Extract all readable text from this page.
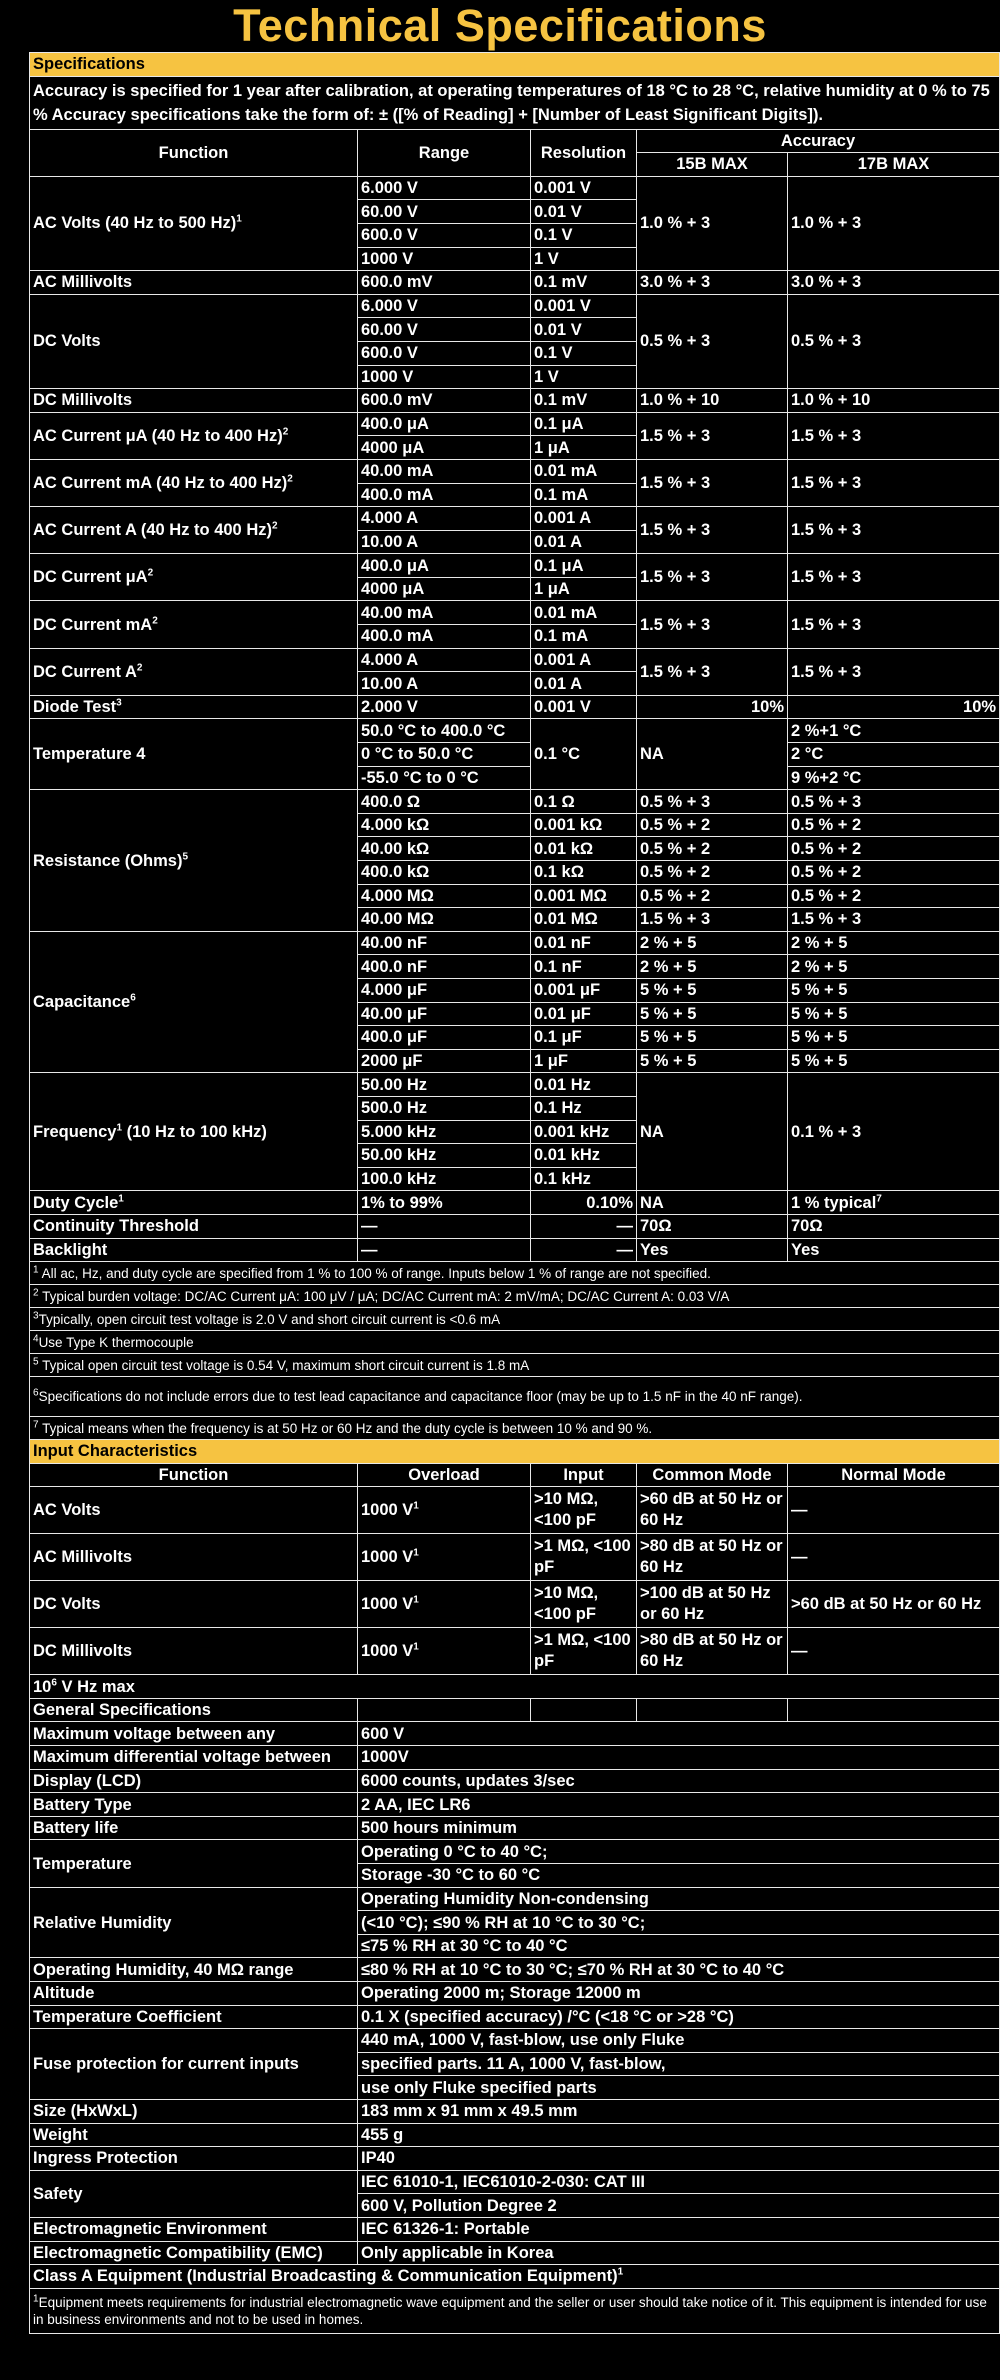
Technical Specifications
Specifications				
Accuracy is specified for 1 year after calibration, at operating temperatures of 18 °C to 28 °C, relative humidity at 0 % to 75 % Accuracy specifications take the form of: ± ([% of Reading] + [Number of Least Significant Digits]).				
Function	Range	Resolution	Accuracy	
			15B MAX	17B MAX
AC Volts (40 Hz to 500 Hz)$^1$	6.000 V	0.001 V	1.0 % + 3	1.0 % + 3
	60.00 V	0.01 V		
	600.0 V	0.1 V		
	1000 V	1 V		
AC Millivolts	600.0 mV	0.1 mV	3.0 % + 3	3.0 % + 3
DC Volts	6.000 V	0.001 V	0.5 % + 3	0.5 % + 3
	60.00 V	0.01 V		
	600.0 V	0.1 V		
	1000 V	1 V		
DC Millivolts	600.0 mV	0.1 mV	1.0 % + 10	1.0 % + 10
AC Current μA (40 Hz to 400 Hz)$^2$	400.0 μA	0.1 μA	1.5 % + 3	1.5 % + 3
	4000 μA	1 μA		
AC Current mA (40 Hz to 400 Hz)$^2$	40.00 mA	0.01 mA	1.5 % + 3	1.5 % + 3
	400.0 mA	0.1 mA		
AC Current A (40 Hz to 400 Hz)$^2$	4.000 A	0.001 A	1.5 % + 3	1.5 % + 3
	10.00 A	0.01 A		
DC Current $\mu A^2$	400.0 μA	0.1 μA	1.5 % + 3	1.5 % + 3
	4000 μA	1 μA		
DC Current $mA^2$	40.00 mA	0.01 mA	1.5 % + 3	1.5 % + 3
	400.0 mA	0.1 mA		
DC Current $A^2$	4.000 A	0.001 A	1.5 % + 3	1.5 % + 3
	10.00 A	0.01 A		
Diode Test$^3$	2.000 V	0.001 V	10%	10%
Temperature 4	50.0 °C to 400.0 °C	0.1 °C	NA	2 %+1 °C
	0 °C to 50.0 °C			2 °C
	-55.0 °C to 0 °C			9 %+2 °C
Resistance (Ohms)$^5$	400.0 Ω	0.1 Ω	0.5 % + 3	0.5 % + 3
	4.000 kΩ	0.001 kΩ	0.5 % + 2	0.5 % + 2
	40.00 kΩ	0.01 kΩ	0.5 % + 2	0.5 % + 2
	400.0 kΩ	0.1 kΩ	0.5 % + 2	0.5 % + 2
	4.000 MΩ	0.001 MΩ	0.5 % + 2	0.5 % + 2
	40.00 MΩ	0.01 MΩ	1.5 % + 3	1.5 % + 3
Capacitance$^6$	40.00 nF	0.01 nF	2 % + 5	2 % + 5
	400.0 nF	0.1 nF	2 % + 5	2 % + 5
	4.000 μF	0.001 μF	5 % + 5	5 % + 5
	40.00 μF	0.01 μF	5 % + 5	5 % + 5
	400.0 μF	0.1 μF	5 % + 5	5 % + 5
	2000 μF	1 μF	5 % + 5	5 % + 5
Frequency$^1$ (10 Hz to 100 kHz)	50.00 Hz	0.01 Hz	NA	0.1 % + 3
	500.0 Hz	0.1 Hz		
	5.000 kHz	0.001 kHz		
	50.00 kHz	0.01 kHz		
	100.0 kHz	0.1 kHz		
Duty Cycle$^1$	1% to 99%	0.10%	NA	1 % typical$^7$
Continuity Threshold	—	—	70Ω	70Ω
Backlight	—	—	Yes	Yes
$^1$ All ac, Hz, and duty cycle are specified from 1 % to 100 % of range. Inputs below 1 % of range are not specified.				
$^2$ Typical burden voltage: DC/AC Current μA: 100 μV / μA; DC/AC Current mA: 2 mV/mA; DC/AC Current A: 0.03 V/A				
$^3$Typically, open circuit test voltage is 2.0 V and short circuit current is <0.6 mA				
$^4$Use Type K thermocouple				
$^5$ Typical open circuit test voltage is 0.54 V, maximum short circuit current is 1.8 mA				
$^6$Specifications do not include errors due to test lead capacitance and capacitance floor (may be up to 1.5 nF in the 40 nF range).				
$^7$ Typical means when the frequency is at 50 Hz or 60 Hz and the duty cycle is between 10 % and 90 %.				
Input Characteristics				
Function	Overload	Input	Common Mode	Normal Mode
AC Volts	1000 $V^1$	>10 MΩ, <100 pF	>60 dB at 50 Hz or 60 Hz	—
AC Millivolts	1000 $V^1$	>1 MΩ, <100 pF	>80 dB at 50 Hz or 60 Hz	—
DC Volts	1000 $V^1$	>10 MΩ, <100 pF	>100 dB at 50 Hz or 60 Hz	>60 dB at 50 Hz or 60 Hz
DC Millivolts	1000 $V^1$	>1 MΩ, <100 pF	>80 dB at 50 Hz or 60 Hz	—
$10^6$ V Hz max				
General Specifications				
Maximum voltage between any	600 V			
Maximum differential voltage between	1000V			
Display (LCD)	6000 counts, updates 3/sec			
Battery Type	2 AA, IEC LR6			
Battery life	500 hours minimum			
Temperature	Operating 0 °C to 40 °C;			
	Storage -30 °C to 60 °C			
Relative Humidity	Operating Humidity Non-condensing			
	(<10 °C); ≤90 % RH at 10 °C to 30 °C;			
	≤75 % RH at 30 °C to 40 °C			
Operating Humidity, 40 MΩ range	≤80 % RH at 10 °C to 30 °C; ≤70 % RH at 30 °C to 40 °C			
Altitude	Operating 2000 m; Storage 12000 m			
Temperature Coefficient	0.1 X (specified accuracy) /°C (<18 °C or >28 °C)			
Fuse protection for current inputs	440 mA, 1000 V, fast-blow, use only Fluke			
	specified parts. 11 A, 1000 V, fast-blow,			
	use only Fluke specified parts			
Size (HxWxL)	183 mm x 91 mm x 49.5 mm			
Weight	455 g			
Ingress Protection	IP40			
Safety	IEC 61010-1, IEC61010-2-030: CAT III			
	600 V, Pollution Degree 2			
Electromagnetic Environment	IEC 61326-1: Portable			
Electromagnetic Compatibility (EMC)	Only applicable in Korea			
Class A Equipment (Industrial Broadcasting & Communication Equipment)$^1$
$^1$Equipment meets requirements for industrial electromagnetic wave equipment and the seller or user should take notice of it. This equipment is intended for use in business environments and not to be used in homes.				
